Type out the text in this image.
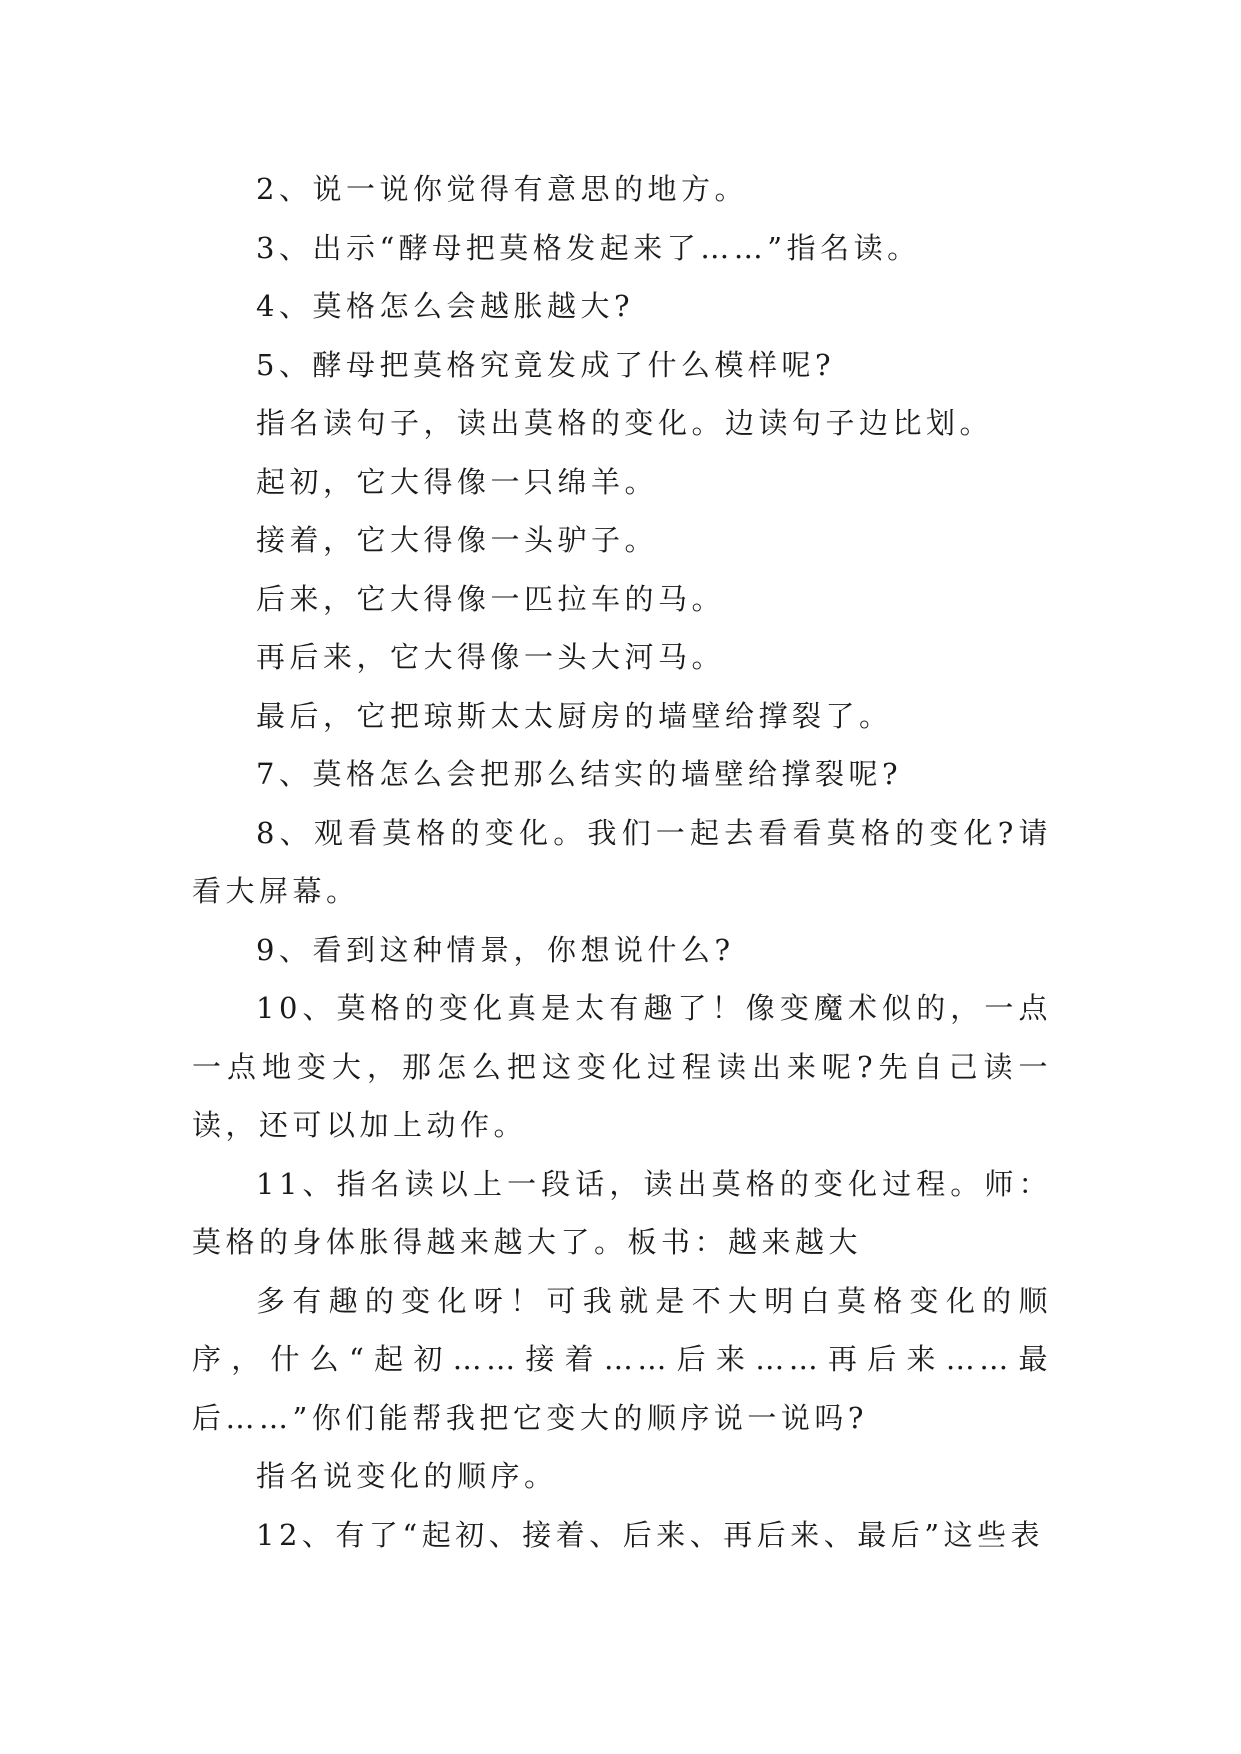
2、说一说你觉得有意思的地方。

3、出示“酵母把莫格发起来了……”指名读。

4、莫格怎么会越胀越大?

5、酵母把莫格究竟发成了什么模样呢?

指名读句子，读出莫格的变化。边读句子边比划。

起初，它大得像一只绵羊。

接着，它大得像一头驴子。

后来，它大得像一匹拉车的马。

再后来，它大得像一头大河马。

最后，它把琼斯太太厨房的墙壁给撑裂了。

7、莫格怎么会把那么结实的墙壁给撑裂呢?

8、观看莫格的变化。我们一起去看看莫格的变化?请看大屏幕。

9、看到这种情景，你想说什么?

10、莫格的变化真是太有趣了！像变魔术似的，一点一点地变大，那怎么把这变化过程读出来呢?先自己读一读，还可以加上动作。

11、指名读以上一段话，读出莫格的变化过程。师：莫格的身体胀得越来越大了。板书：越来越大

多有趣的变化呀！可我就是不大明白莫格变化的顺序，什么“起初……接着……后来……再后来……最后……”你们能帮我把它变大的顺序说一说吗?

指名说变化的顺序。

12、有了“起初、接着、后来、再后来、最后”这些表
